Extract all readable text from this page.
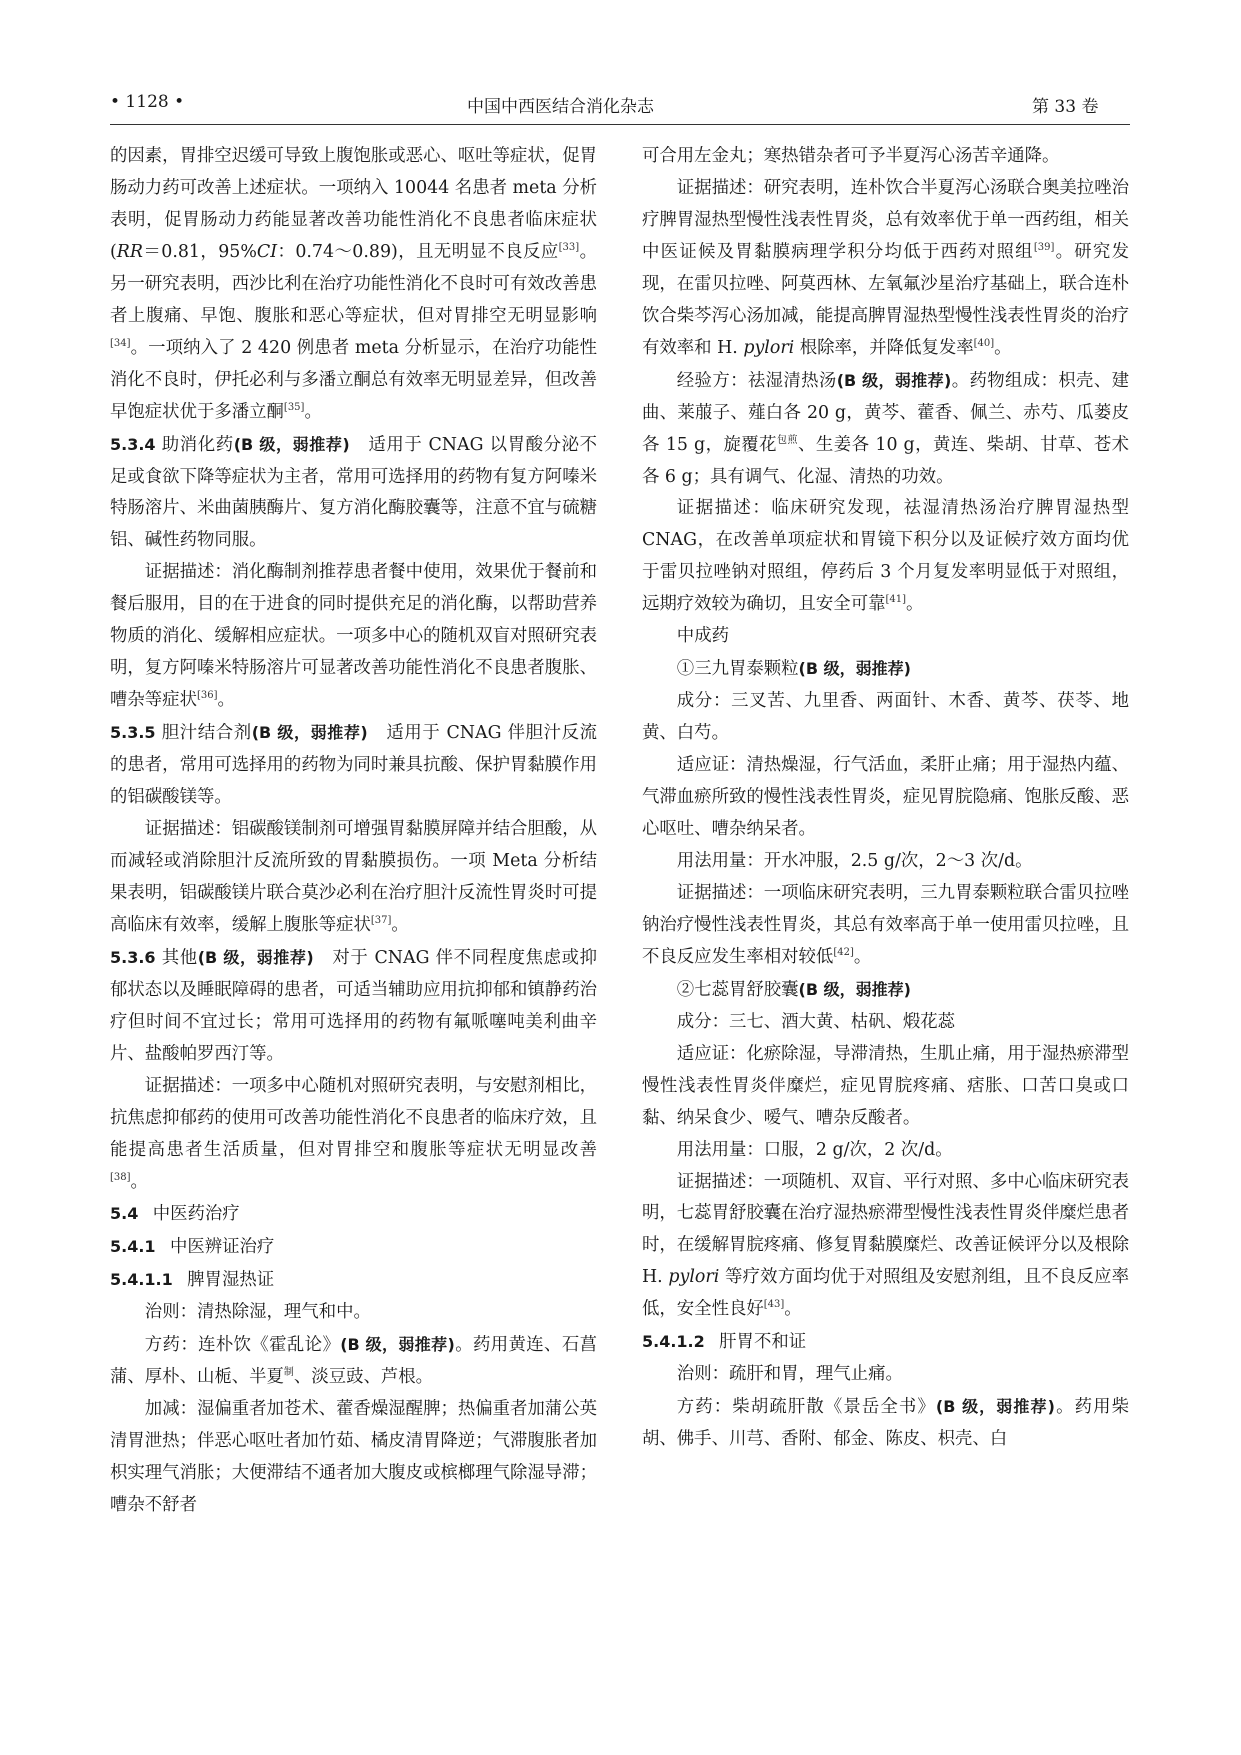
• 1128 •	中国中西医结合消化杂志	第 33 卷

的因素，胃排空迟缓可导致上腹饱胀或恶心、呕吐等症状，促胃肠动力药可改善上述症状。一项纳入 10044 名患者 meta 分析表明，促胃肠动力药能显著改善功能性消化不良患者临床症状(RR＝0.81，95%CI：0.74～0.89)，且无明显不良反应[33]。另一研究表明，西沙比利在治疗功能性消化不良时可有效改善患者上腹痛、早饱、腹胀和恶心等症状，但对胃排空无明显影响[34]。一项纳入了 2 420 例患者 meta 分析显示，在治疗功能性消化不良时，伊托必利与多潘立酮总有效率无明显差异，但改善早饱症状优于多潘立酮[35]。

5.3.4 助消化药(B 级，弱推荐)　适用于 CNAG 以胃酸分泌不足或食欲下降等症状为主者，常用可选择用的药物有复方阿嗪米特肠溶片、米曲菌胰酶片、复方消化酶胶囊等，注意不宜与硫糖铝、碱性药物同服。

证据描述：消化酶制剂推荐患者餐中使用，效果优于餐前和餐后服用，目的在于进食的同时提供充足的消化酶，以帮助营养物质的消化、缓解相应症状。一项多中心的随机双盲对照研究表明，复方阿嗪米特肠溶片可显著改善功能性消化不良患者腹胀、嘈杂等症状[36]。

5.3.5 胆汁结合剂(B 级，弱推荐)　适用于 CNAG 伴胆汁反流的患者，常用可选择用的药物为同时兼具抗酸、保护胃黏膜作用的铝碳酸镁等。

证据描述：铝碳酸镁制剂可增强胃黏膜屏障并结合胆酸，从而减轻或消除胆汁反流所致的胃黏膜损伤。一项 Meta 分析结果表明，铝碳酸镁片联合莫沙必利在治疗胆汁反流性胃炎时可提高临床有效率，缓解上腹胀等症状[37]。

5.3.6 其他(B 级，弱推荐)　对于 CNAG 伴不同程度焦虑或抑郁状态以及睡眠障碍的患者，可适当辅助应用抗抑郁和镇静药治疗但时间不宜过长；常用可选择用的药物有氟哌噻吨美利曲辛片、盐酸帕罗西汀等。

证据描述：一项多中心随机对照研究表明，与安慰剂相比，抗焦虑抑郁药的使用可改善功能性消化不良患者的临床疗效，且能提高患者生活质量，但对胃排空和腹胀等症状无明显改善[38]。

5.4 中医药治疗

5.4.1 中医辨证治疗

5.4.1.1 脾胃湿热证

治则：清热除湿，理气和中。

方药：连朴饮《霍乱论》(B 级，弱推荐)。药用黄连、石菖蒲、厚朴、山栀、半夏$^制$、淡豆豉、芦根。

加减：湿偏重者加苍术、藿香燥湿醒脾；热偏重者加蒲公英清胃泄热；伴恶心呕吐者加竹茹、橘皮清胃降逆；气滞腹胀者加枳实理气消胀；大便滞结不通者加大腹皮或槟榔理气除湿导滞；嘈杂不舒者

可合用左金丸；寒热错杂者可予半夏泻心汤苦辛通降。

证据描述：研究表明，连朴饮合半夏泻心汤联合奥美拉唑治疗脾胃湿热型慢性浅表性胃炎，总有效率优于单一西药组，相关中医证候及胃黏膜病理学积分均低于西药对照组[39]。研究发现，在雷贝拉唑、阿莫西林、左氧氟沙星治疗基础上，联合连朴饮合柴芩泻心汤加减，能提高脾胃湿热型慢性浅表性胃炎的治疗有效率和 H. pylori 根除率，并降低复发率[40]。

经验方：祛湿清热汤(B 级，弱推荐)。药物组成：枳壳、建曲、莱菔子、薤白各 20 g，黄芩、藿香、佩兰、赤芍、瓜蒌皮各 15 g，旋覆花$^{包煎}$、生姜各 10 g，黄连、柴胡、甘草、苍术各 6 g；具有调气、化湿、清热的功效。

证据描述：临床研究发现，祛湿清热汤治疗脾胃湿热型 CNAG，在改善单项症状和胃镜下积分以及证候疗效方面均优于雷贝拉唑钠对照组，停药后 3 个月复发率明显低于对照组，远期疗效较为确切，且安全可靠[41]。

中成药

①三九胃泰颗粒(B 级，弱推荐)

成分：三叉苦、九里香、两面针、木香、黄芩、茯苓、地黄、白芍。

适应证：清热燥湿，行气活血，柔肝止痛；用于湿热内蕴、气滞血瘀所致的慢性浅表性胃炎，症见胃脘隐痛、饱胀反酸、恶心呕吐、嘈杂纳呆者。

用法用量：开水冲服，2.5 g/次，2～3 次/d。

证据描述：一项临床研究表明，三九胃泰颗粒联合雷贝拉唑钠治疗慢性浅表性胃炎，其总有效率高于单一使用雷贝拉唑，且不良反应发生率相对较低[42]。

②七蕊胃舒胶囊(B 级，弱推荐)

成分：三七、酒大黄、枯矾、煅花蕊

适应证：化瘀除湿，导滞清热，生肌止痛，用于湿热瘀滞型慢性浅表性胃炎伴糜烂，症见胃脘疼痛、痞胀、口苦口臭或口黏、纳呆食少、嗳气、嘈杂反酸者。

用法用量：口服，2 g/次，2 次/d。

证据描述：一项随机、双盲、平行对照、多中心临床研究表明，七蕊胃舒胶囊在治疗湿热瘀滞型慢性浅表性胃炎伴糜烂患者时，在缓解胃脘疼痛、修复胃黏膜糜烂、改善证候评分以及根除 H. pylori 等疗效方面均优于对照组及安慰剂组，且不良反应率低，安全性良好[43]。

5.4.1.2 肝胃不和证

治则：疏肝和胃，理气止痛。

方药：柴胡疏肝散《景岳全书》(B 级，弱推荐)。药用柴胡、佛手、川芎、香附、郁金、陈皮、枳壳、白
